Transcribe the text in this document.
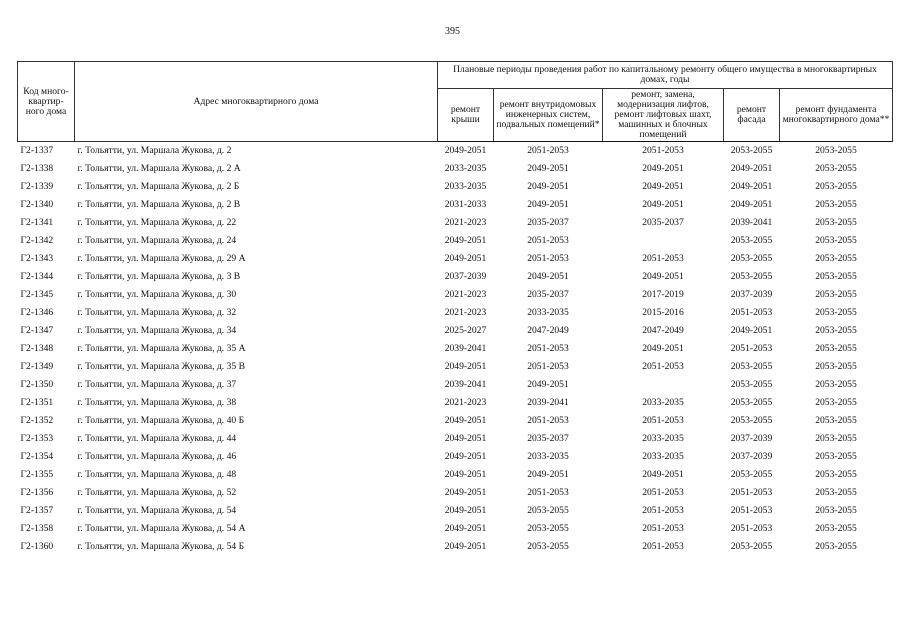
395
Код много-квартир-ного дома	Адрес многоквартирного дома	Плановые периоды проведения работ по капитальному ремонту общего имущества в многоквартирных домах, годы				
		ремонт крыши	ремонт внутридомовых инженерных систем, подвальных помещений*	ремонт, замена, модернизация лифтов, ремонт лифтовых шахт, машинных и блочных помещений	ремонт фасада	ремонт фундамента многоквартирного дома**
Г2-1337	г. Тольятти, ул. Маршала Жукова, д. 2	2049-2051	2051-2053	2051-2053	2053-2055	2053-2055
Г2-1338	г. Тольятти, ул. Маршала Жукова, д. 2 А	2033-2035	2049-2051	2049-2051	2049-2051	2053-2055
Г2-1339	г. Тольятти, ул. Маршала Жукова, д. 2 Б	2033-2035	2049-2051	2049-2051	2049-2051	2053-2055
Г2-1340	г. Тольятти, ул. Маршала Жукова, д. 2 В	2031-2033	2049-2051	2049-2051	2049-2051	2053-2055
Г2-1341	г. Тольятти, ул. Маршала Жукова, д. 22	2021-2023	2035-2037	2035-2037	2039-2041	2053-2055
Г2-1342	г. Тольятти, ул. Маршала Жукова, д. 24	2049-2051	2051-2053		2053-2055	2053-2055
Г2-1343	г. Тольятти, ул. Маршала Жукова, д. 29 А	2049-2051	2051-2053	2051-2053	2053-2055	2053-2055
Г2-1344	г. Тольятти, ул. Маршала Жукова, д. 3 В	2037-2039	2049-2051	2049-2051	2053-2055	2053-2055
Г2-1345	г. Тольятти, ул. Маршала Жукова, д. 30	2021-2023	2035-2037	2017-2019	2037-2039	2053-2055
Г2-1346	г. Тольятти, ул. Маршала Жукова, д. 32	2021-2023	2033-2035	2015-2016	2051-2053	2053-2055
Г2-1347	г. Тольятти, ул. Маршала Жукова, д. 34	2025-2027	2047-2049	2047-2049	2049-2051	2053-2055
Г2-1348	г. Тольятти, ул. Маршала Жукова, д. 35 А	2039-2041	2051-2053	2049-2051	2051-2053	2053-2055
Г2-1349	г. Тольятти, ул. Маршала Жукова, д. 35 В	2049-2051	2051-2053	2051-2053	2053-2055	2053-2055
Г2-1350	г. Тольятти, ул. Маршала Жукова, д. 37	2039-2041	2049-2051		2053-2055	2053-2055
Г2-1351	г. Тольятти, ул. Маршала Жукова, д. 38	2021-2023	2039-2041	2033-2035	2053-2055	2053-2055
Г2-1352	г. Тольятти, ул. Маршала Жукова, д. 40 Б	2049-2051	2051-2053	2051-2053	2053-2055	2053-2055
Г2-1353	г. Тольятти, ул. Маршала Жукова, д. 44	2049-2051	2035-2037	2033-2035	2037-2039	2053-2055
Г2-1354	г. Тольятти, ул. Маршала Жукова, д. 46	2049-2051	2033-2035	2033-2035	2037-2039	2053-2055
Г2-1355	г. Тольятти, ул. Маршала Жукова, д. 48	2049-2051	2049-2051	2049-2051	2053-2055	2053-2055
Г2-1356	г. Тольятти, ул. Маршала Жукова, д. 52	2049-2051	2051-2053	2051-2053	2051-2053	2053-2055
Г2-1357	г. Тольятти, ул. Маршала Жукова, д. 54	2049-2051	2053-2055	2051-2053	2051-2053	2053-2055
Г2-1358	г. Тольятти, ул. Маршала Жукова, д. 54 А	2049-2051	2053-2055	2051-2053	2051-2053	2053-2055
Г2-1360	г. Тольятти, ул. Маршала Жукова, д. 54 Б	2049-2051	2053-2055	2051-2053	2053-2055	2053-2055
